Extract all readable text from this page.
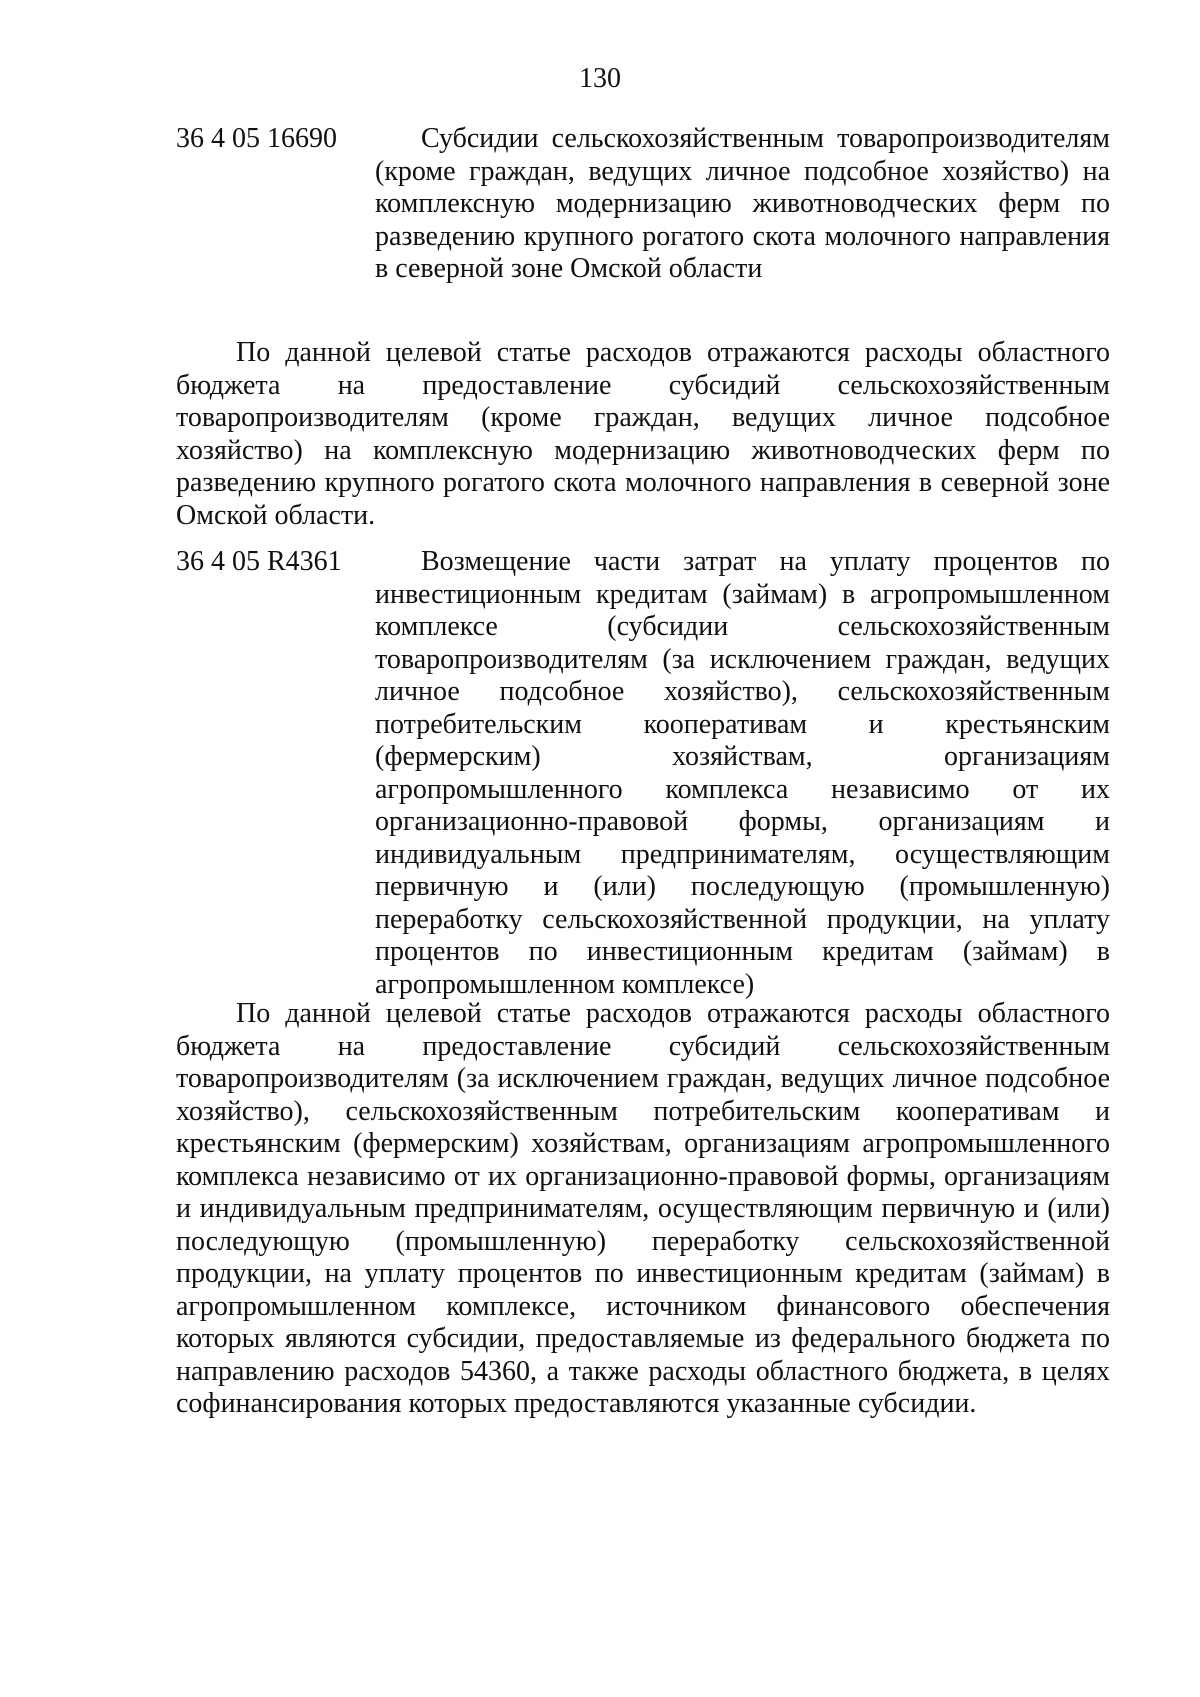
130
36 4 05 16690	Субсидии сельскохозяйственным товаропроизводителям (кроме граждан, ведущих личное подсобное хозяйство) на комплексную модернизацию животноводческих ферм по разведению крупного рогатого скота молочного направления в северной зоне Омской области
По данной целевой статье расходов отражаются расходы областного бюджета на предоставление субсидий сельскохозяйственным товаропроизводителям (кроме граждан, ведущих личное подсобное хозяйство) на комплексную модернизацию животноводческих ферм по разведению крупного рогатого скота молочного направления в северной зоне Омской области.
36 4 05 R4361	Возмещение части затрат на уплату процентов по инвестиционным кредитам (займам) в агропромышленном комплексе (субсидии сельскохозяйственным товаропроизводителям (за исключением граждан, ведущих личное подсобное хозяйство), сельскохозяйственным потребительским кооперативам и крестьянским (фермерским) хозяйствам, организациям агропромышленного комплекса независимо от их организационно-правовой формы, организациям и индивидуальным предпринимателям, осуществляющим первичную и (или) последующую (промышленную) переработку сельскохозяйственной продукции, на уплату процентов по инвестиционным кредитам (займам) в агропромышленном комплексе)
По данной целевой статье расходов отражаются расходы областного бюджета на предоставление субсидий сельскохозяйственным товаропроизводителям (за исключением граждан, ведущих личное подсобное хозяйство), сельскохозяйственным потребительским кооперативам и крестьянским (фермерским) хозяйствам, организациям агропромышленного комплекса независимо от их организационно-правовой формы, организациям и индивидуальным предпринимателям, осуществляющим первичную и (или) последующую (промышленную) переработку сельскохозяйственной продукции, на уплату процентов по инвестиционным кредитам (займам) в агропромышленном комплексе, источником финансового обеспечения которых являются субсидии, предоставляемые из федерального бюджета по направлению расходов 54360, а также расходы областного бюджета, в целях софинансирования которых предоставляются указанные субсидии.
